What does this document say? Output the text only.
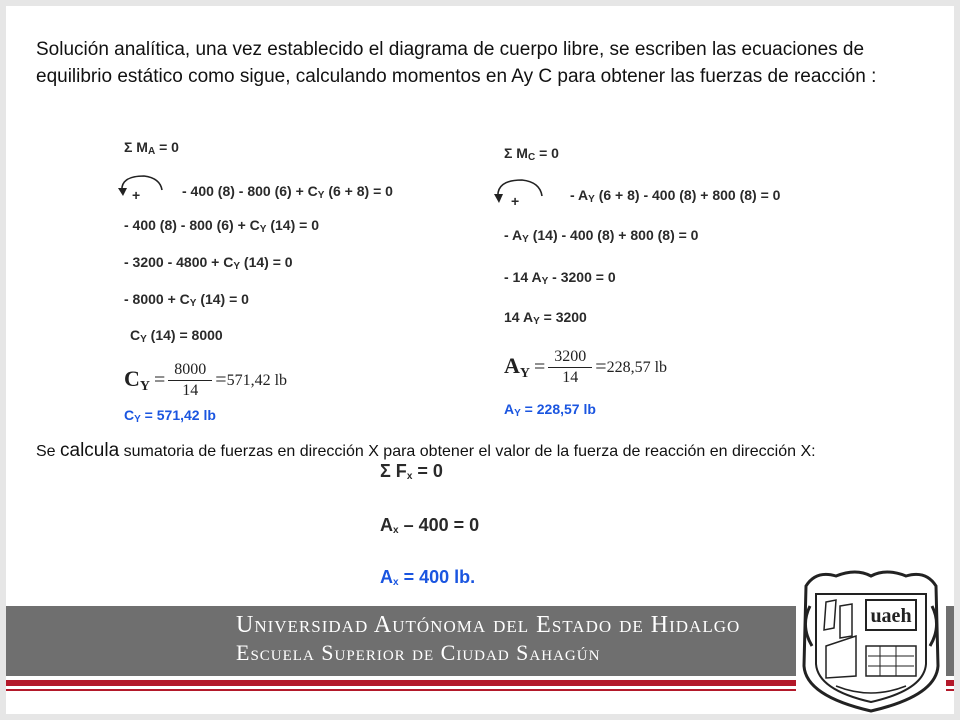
Solución analítica, una vez establecido el diagrama de cuerpo libre, se escriben las ecuaciones de equilibrio estático como sigue, calculando momentos en Ay C para obtener las fuerzas de reacción :

Σ $M_A = 0$

+	- 400 (8) - 800 $(6) + C_Y$ (6 + 8) = 0

- 400 (8) - 800 $(6) + C_Y$ (14) = 0

- $3200 - 4800 + C_Y$ (14) = 0

- $8000 + C_Y$ (14) = 0

$C_Y$ (14) = 8000

$C_Y = \frac{8000}{14} = 571,42$ lb

$C_Y = 571,42$ lb

Σ $M_C = 0$

+	- $A_Y$ (6 + 8) - 400 (8) + 800 (8) = 0

- $A_Y$ (14) - 400 (8) + 800 (8) = 0

- 14 $A_Y - 3200 = 0$

14 $A_Y = 3200$

$A_Y = \frac{3200}{14} = 228,57$ lb

$A_Y = 228,57$ lb

Se calcula sumatoria de fuerzas en dirección X para obtener el valor de la fuerza de reacción en dirección X:

Σ $F_x = 0$

$A_x - 400 = 0$

$A_x = 400$ lb.

Universidad Autónoma del Estado de Hidalgo
Escuela Superior de Ciudad Sahagún
uaeh
